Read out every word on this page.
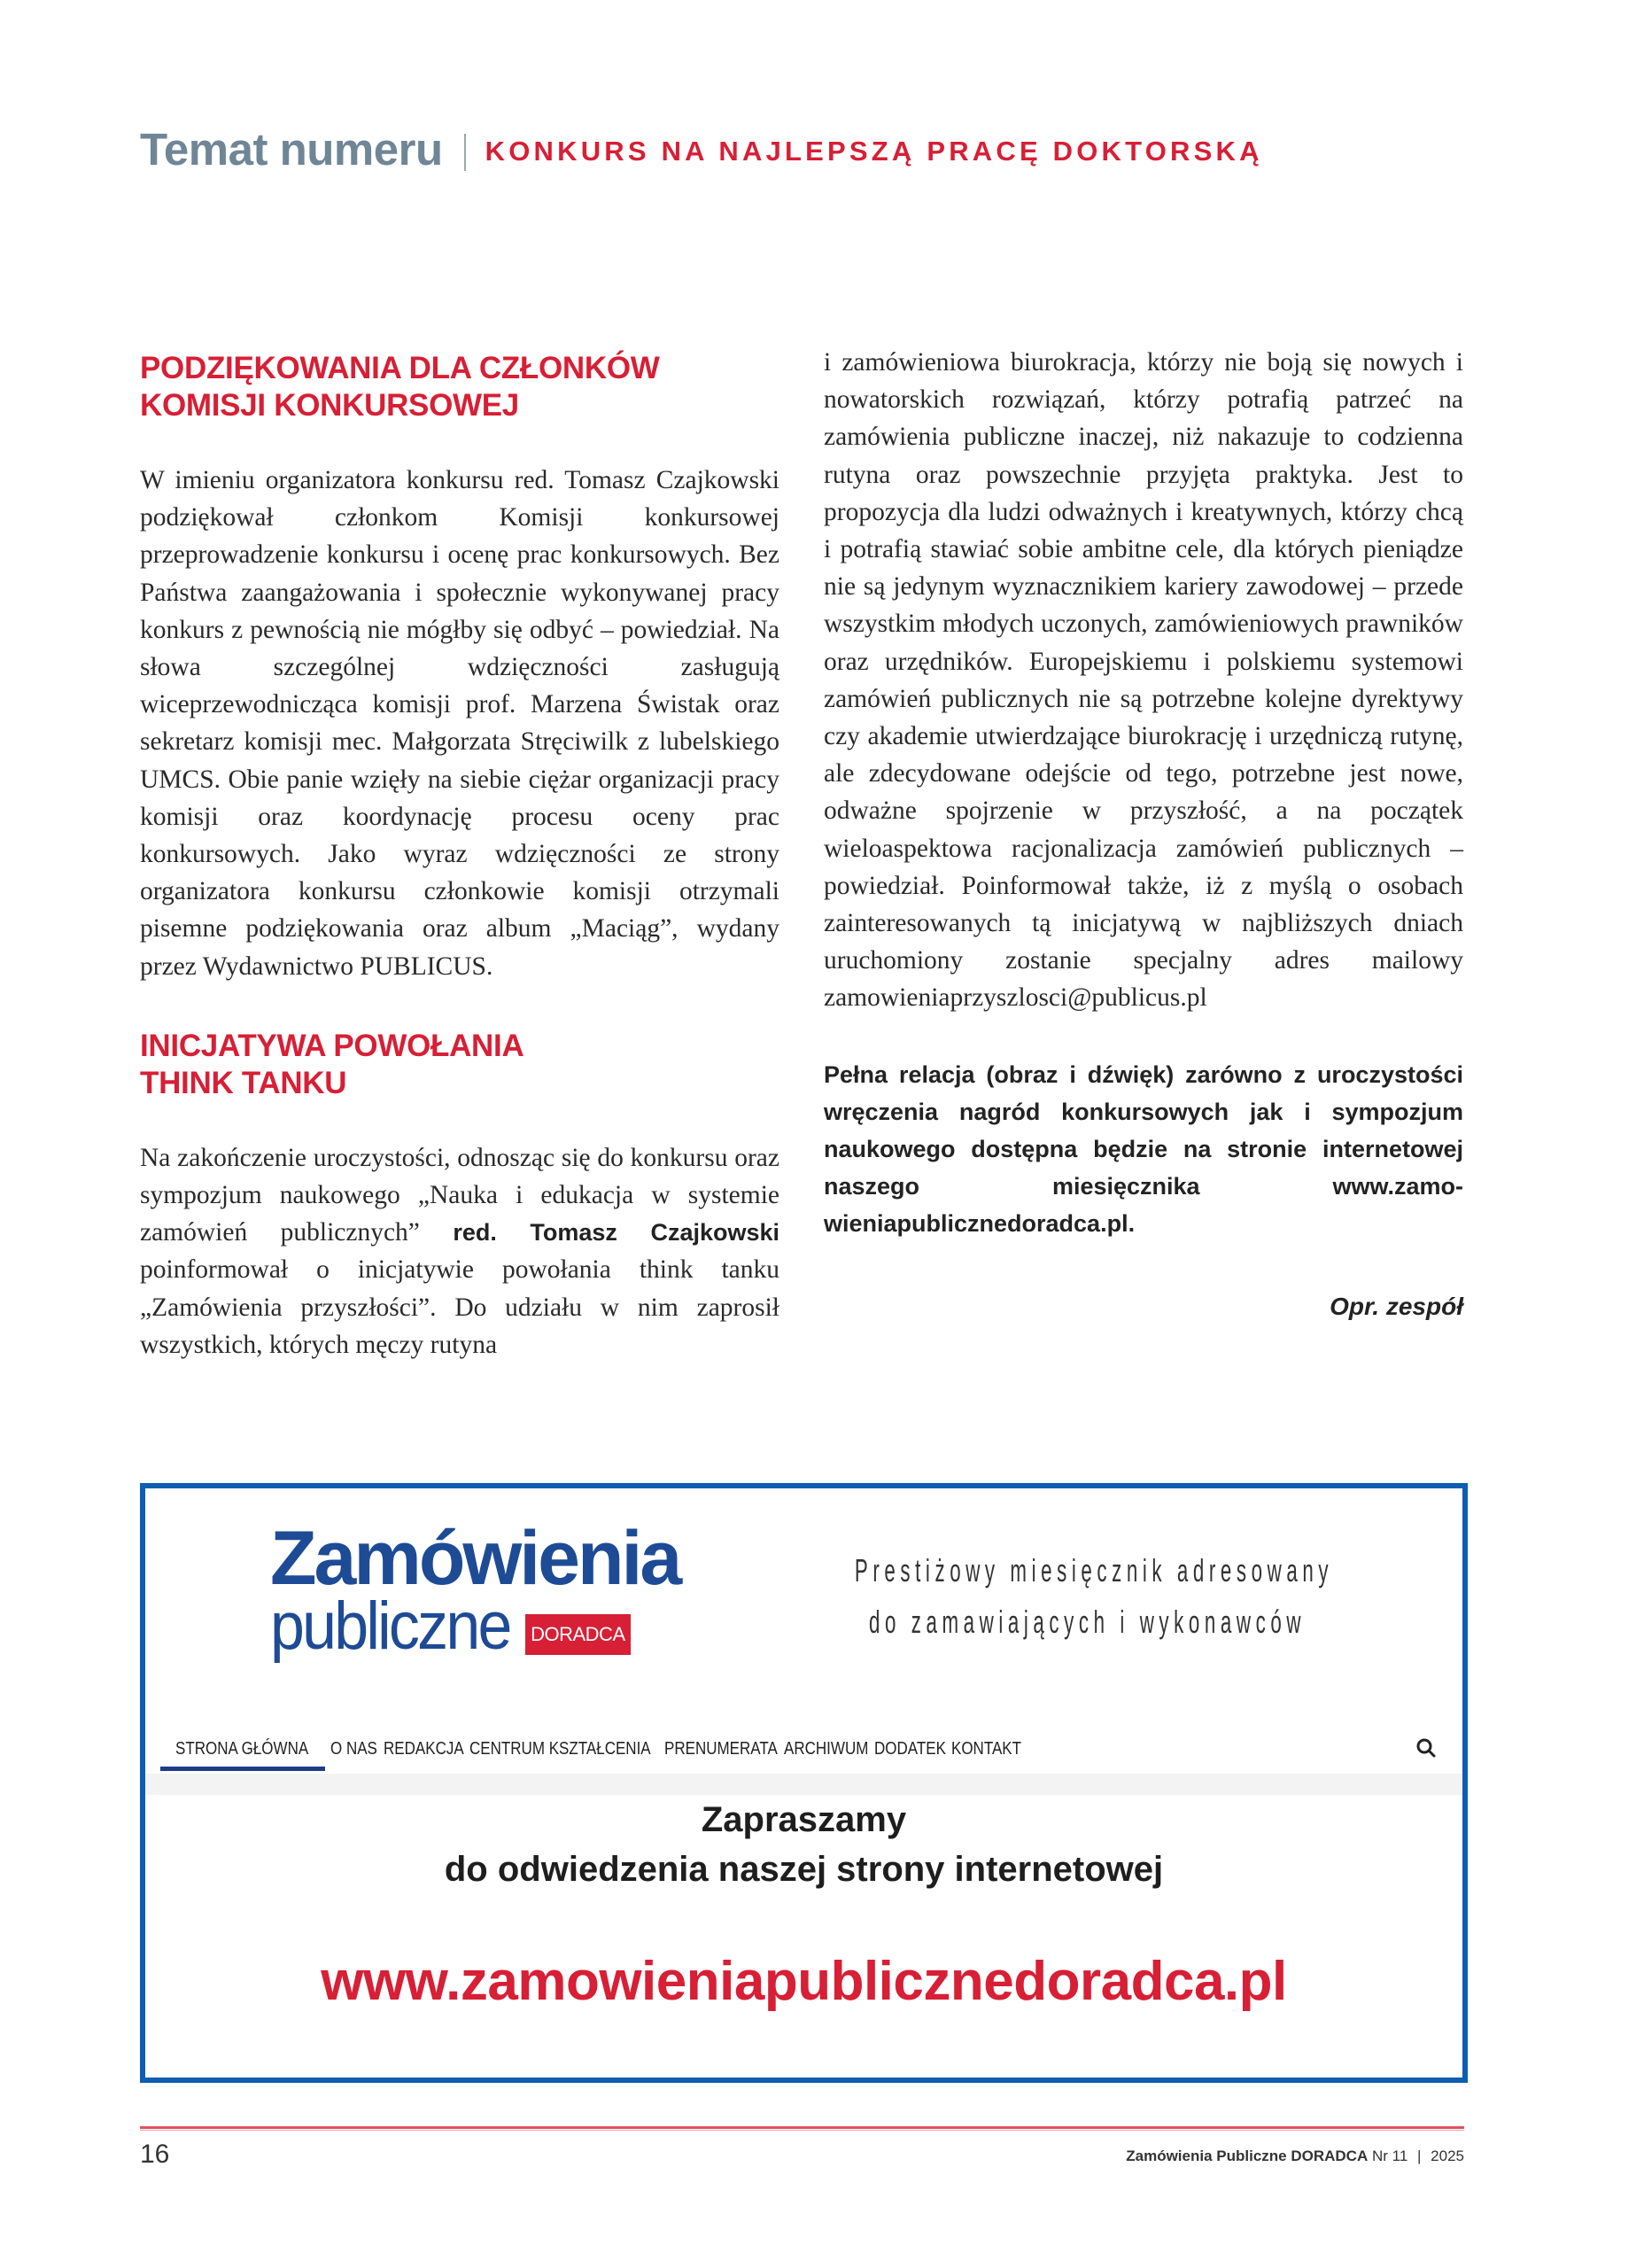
Temat numeru KONKURS NA NAJLEPSZĄ PRACĘ DOKTORSKĄ
PODZIĘKOWANIA DLA CZŁONKÓW
KOMISJI KONKURSOWEJ

W imieniu organizatora konkursu red. Tomasz Czajkowski podziękował członkom Komisji konkursowej przeprowadzenie konkursu i ocenę prac konkursowych. Bez Państwa zaangażowania i społecznie wykonywanej pracy konkurs z pewnością nie mógłby się odbyć – powiedział. Na słowa szczególnej wdzięczności zasługują wiceprzewodnicząca komisji prof. Marzena Świstak oraz sekretarz komisji mec. Małgorzata Stręciwilk z lubelskiego UMCS. Obie panie wzięły na siebie ciężar organizacji pracy komisji oraz koordynację procesu oceny prac konkursowych. Jako wyraz wdzięczności ze strony organizatora konkursu członkowie komisji otrzymali pisemne podziękowania oraz album „Maciąg”, wydany przez Wydawnictwo PUBLICUS.

INICJATYWA POWOŁANIA
THINK TANKU

Na zakończenie uroczystości, odnosząc się do konkursu oraz sympozjum naukowego „Nauka i edukacja w systemie zamówień publicznych” red. Tomasz Czajkowski poinformował o inicjatywie powołania think tanku „Zamówienia przyszłości”. Do udziału w nim zaprosił wszystkich, których męczy rutyna

i zamówieniowa biurokracja, którzy nie boją się nowych i nowatorskich rozwiązań, którzy potrafią patrzeć na zamówienia publiczne inaczej, niż nakazuje to codzienna rutyna oraz powszechnie przyjęta praktyka. Jest to propozycja dla ludzi odważnych i kreatywnych, którzy chcą i potrafią stawiać sobie ambitne cele, dla których pieniądze nie są jedynym wyznacznikiem kariery zawodowej – przede wszystkim młodych uczonych, zamówieniowych prawników oraz urzędników. Europejskiemu i polskiemu systemowi zamówień publicznych nie są potrzebne kolejne dyrektywy czy akademie utwierdzające biurokrację i urzędniczą rutynę, ale zdecydowane odejście od tego, potrzebne jest nowe, odważne spojrzenie w przyszłość, a na początek wieloaspektowa racjonalizacja zamówień publicznych – powiedział. Poinformował także, iż z myślą o osobach zainteresowanych tą inicjatywą w najbliższych dniach uruchomiony zostanie specjalny adres mailowy zamowieniaprzyszlosci@publicus.pl

Pełna relacja (obraz i dźwięk) zarówno z uroczystości wręczenia nagród konkursowych jak i sympozjum naukowego dostępna będzie na stronie internetowej naszego miesięcznika www.zamowieniapublicznedoradca.pl.

Opr. zespół

Zamówienia
publiczne DORADCA
Prestiżowy miesięcznik adresowany
do zamawiających i wykonawców
STRONA GŁÓWNA O NAS REDAKCJA CENTRUM KSZTAŁCENIA PRENUMERATA ARCHIWUM DODATEK KONTAKT
Zapraszamy
do odwiedzenia naszej strony internetowej
www.zamowieniapublicznedoradca.pl
16	Zamówienia Publiczne DORADCA Nr 11 | 2025
